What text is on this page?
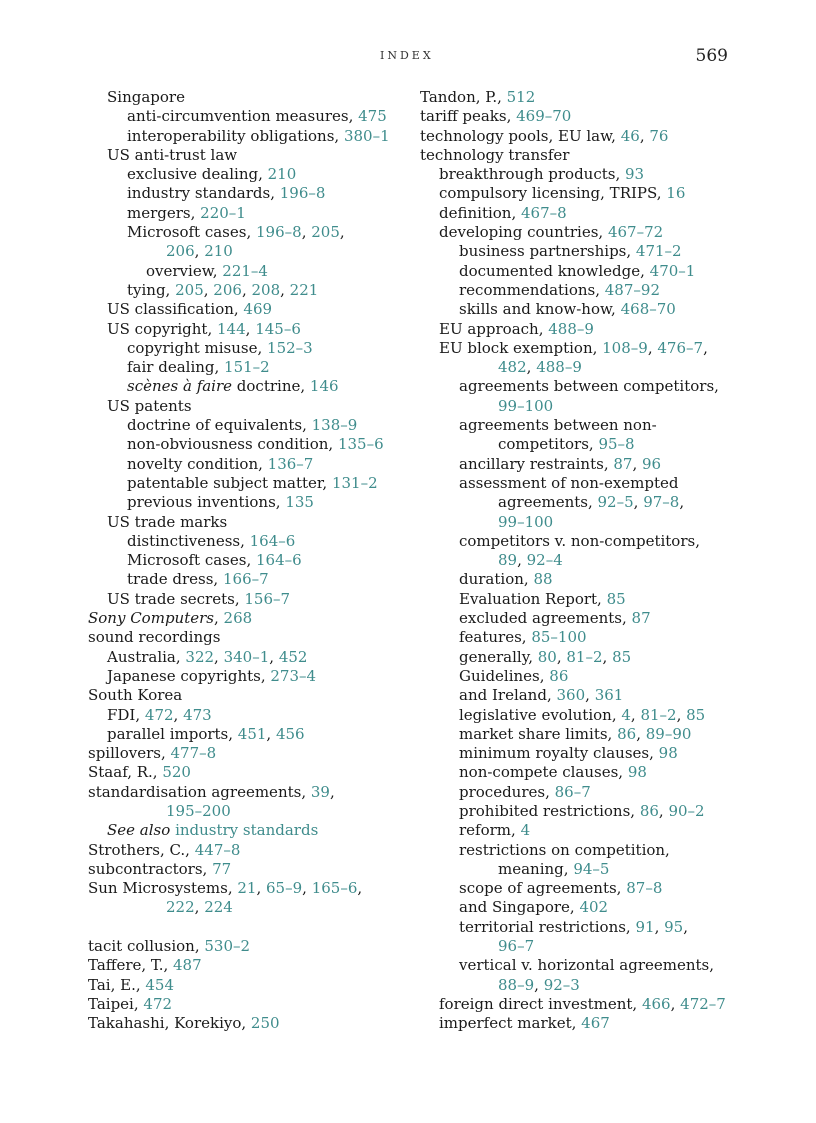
INDEX	569
Singapore
anti-circumvention measures, 475
interoperability obligations, 380–1
US anti-trust law
exclusive dealing, 210
industry standards, 196–8
mergers, 220–1
Microsoft cases, 196–8, 205,
206, 210
overview, 221–4
tying, 205, 206, 208, 221
US classification, 469
US copyright, 144, 145–6
copyright misuse, 152–3
fair dealing, 151–2
scènes à faire doctrine, 146
US patents
doctrine of equivalents, 138–9
non-obviousness condition, 135–6
novelty condition, 136–7
patentable subject matter, 131–2
previous inventions, 135
US trade marks
distinctiveness, 164–6
Microsoft cases, 164–6
trade dress, 166–7
US trade secrets, 156–7
Sony Computers, 268
sound recordings
Australia, 322, 340–1, 452
Japanese copyrights, 273–4
South Korea
FDI, 472, 473
parallel imports, 451, 456
spillovers, 477–8
Staaf, R., 520
standardisation agreements, 39,
195–200
See also industry standards
Strothers, C., 447–8
subcontractors, 77
Sun Microsystems, 21, 65–9, 165–6,
222, 224
tacit collusion, 530–2
Taffere, T., 487
Tai, E., 454
Taipei, 472
Takahashi, Korekiyo, 250
Tandon, P., 512
tariff peaks, 469–70
technology pools, EU law, 46, 76
technology transfer
breakthrough products, 93
compulsory licensing, TRIPS, 16
definition, 467–8
developing countries, 467–72
business partnerships, 471–2
documented knowledge, 470–1
recommendations, 487–92
skills and know-how, 468–70
EU approach, 488–9
EU block exemption, 108–9, 476–7,
482, 488–9
agreements between competitors,
99–100
agreements between non-
competitors, 95–8
ancillary restraints, 87, 96
assessment of non-exempted
agreements, 92–5, 97–8,
99–100
competitors v. non-competitors,
89, 92–4
duration, 88
Evaluation Report, 85
excluded agreements, 87
features, 85–100
generally, 80, 81–2, 85
Guidelines, 86
and Ireland, 360, 361
legislative evolution, 4, 81–2, 85
market share limits, 86, 89–90
minimum royalty clauses, 98
non-compete clauses, 98
procedures, 86–7
prohibited restrictions, 86, 90–2
reform, 4
restrictions on competition,
meaning, 94–5
scope of agreements, 87–8
and Singapore, 402
territorial restrictions, 91, 95,
96–7
vertical v. horizontal agreements,
88–9, 92–3
foreign direct investment, 466, 472–7
imperfect market, 467
